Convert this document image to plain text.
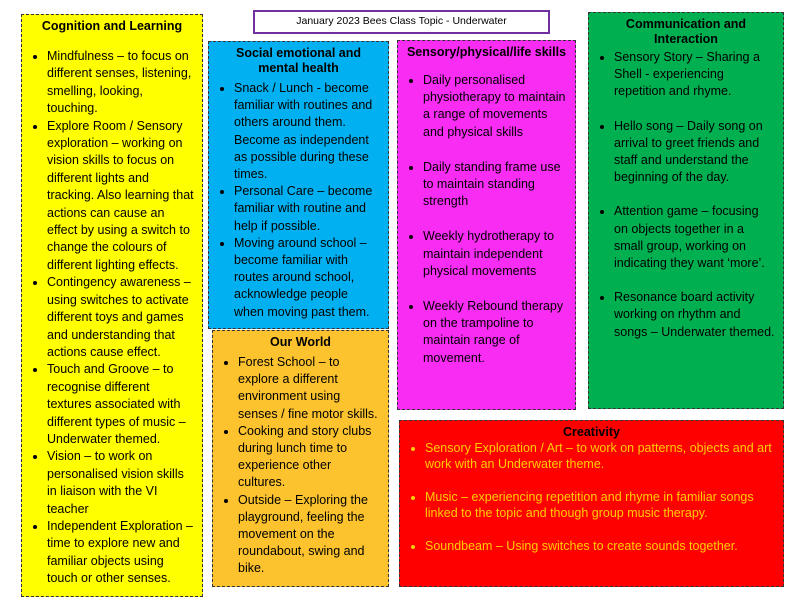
January 2023 Bees Class Topic - Underwater
Cognition and Learning
• Mindfulness – to focus on different senses, listening, smelling, looking, touching.
• Explore Room / Sensory exploration – working on vision skills to focus on different lights and tracking. Also learning that actions can cause an effect by using a switch to change the colours of different lighting effects.
• Contingency awareness – using switches to activate different toys and games and understanding that actions cause effect.
• Touch and Groove – to recognise different textures associated with different types of music – Underwater themed.
• Vision – to work on personalised vision skills in liaison with the VI teacher
• Independent Exploration – time to explore new and familiar objects using touch or other senses.
Social emotional and mental health
• Snack / Lunch - become familiar with routines and others around them. Become as independent as possible during these times.
• Personal Care – become familiar with routine and help if possible.
• Moving around school – become familiar with routes around school, acknowledge people when moving past them.
Our World
• Forest School – to explore a different environment using senses / fine motor skills.
• Cooking and story clubs during lunch time to experience other cultures.
• Outside – Exploring the playground, feeling the movement on the roundabout, swing and bike.
Sensory/physical/life skills
• Daily personalised physiotherapy to maintain a range of movements and physical skills
• Daily standing frame use to maintain standing strength
• Weekly hydrotherapy to maintain independent physical movements
• Weekly Rebound therapy on the trampoline to maintain range of movement.
Communication and Interaction
• Sensory Story – Sharing a Shell - experiencing repetition and rhyme.
• Hello song – Daily song on arrival to greet friends and staff and understand the beginning of the day.
• Attention game – focusing on objects together in a small group, working on indicating they want ‘more’.
• Resonance board activity working on rhythm and songs – Underwater themed.
Creativity
• Sensory Exploration / Art – to work on patterns, objects and art work with an Underwater theme.
• Music – experiencing repetition and rhyme in familiar songs linked to the topic and though group music therapy.
• Soundbeam – Using switches to create sounds together.
